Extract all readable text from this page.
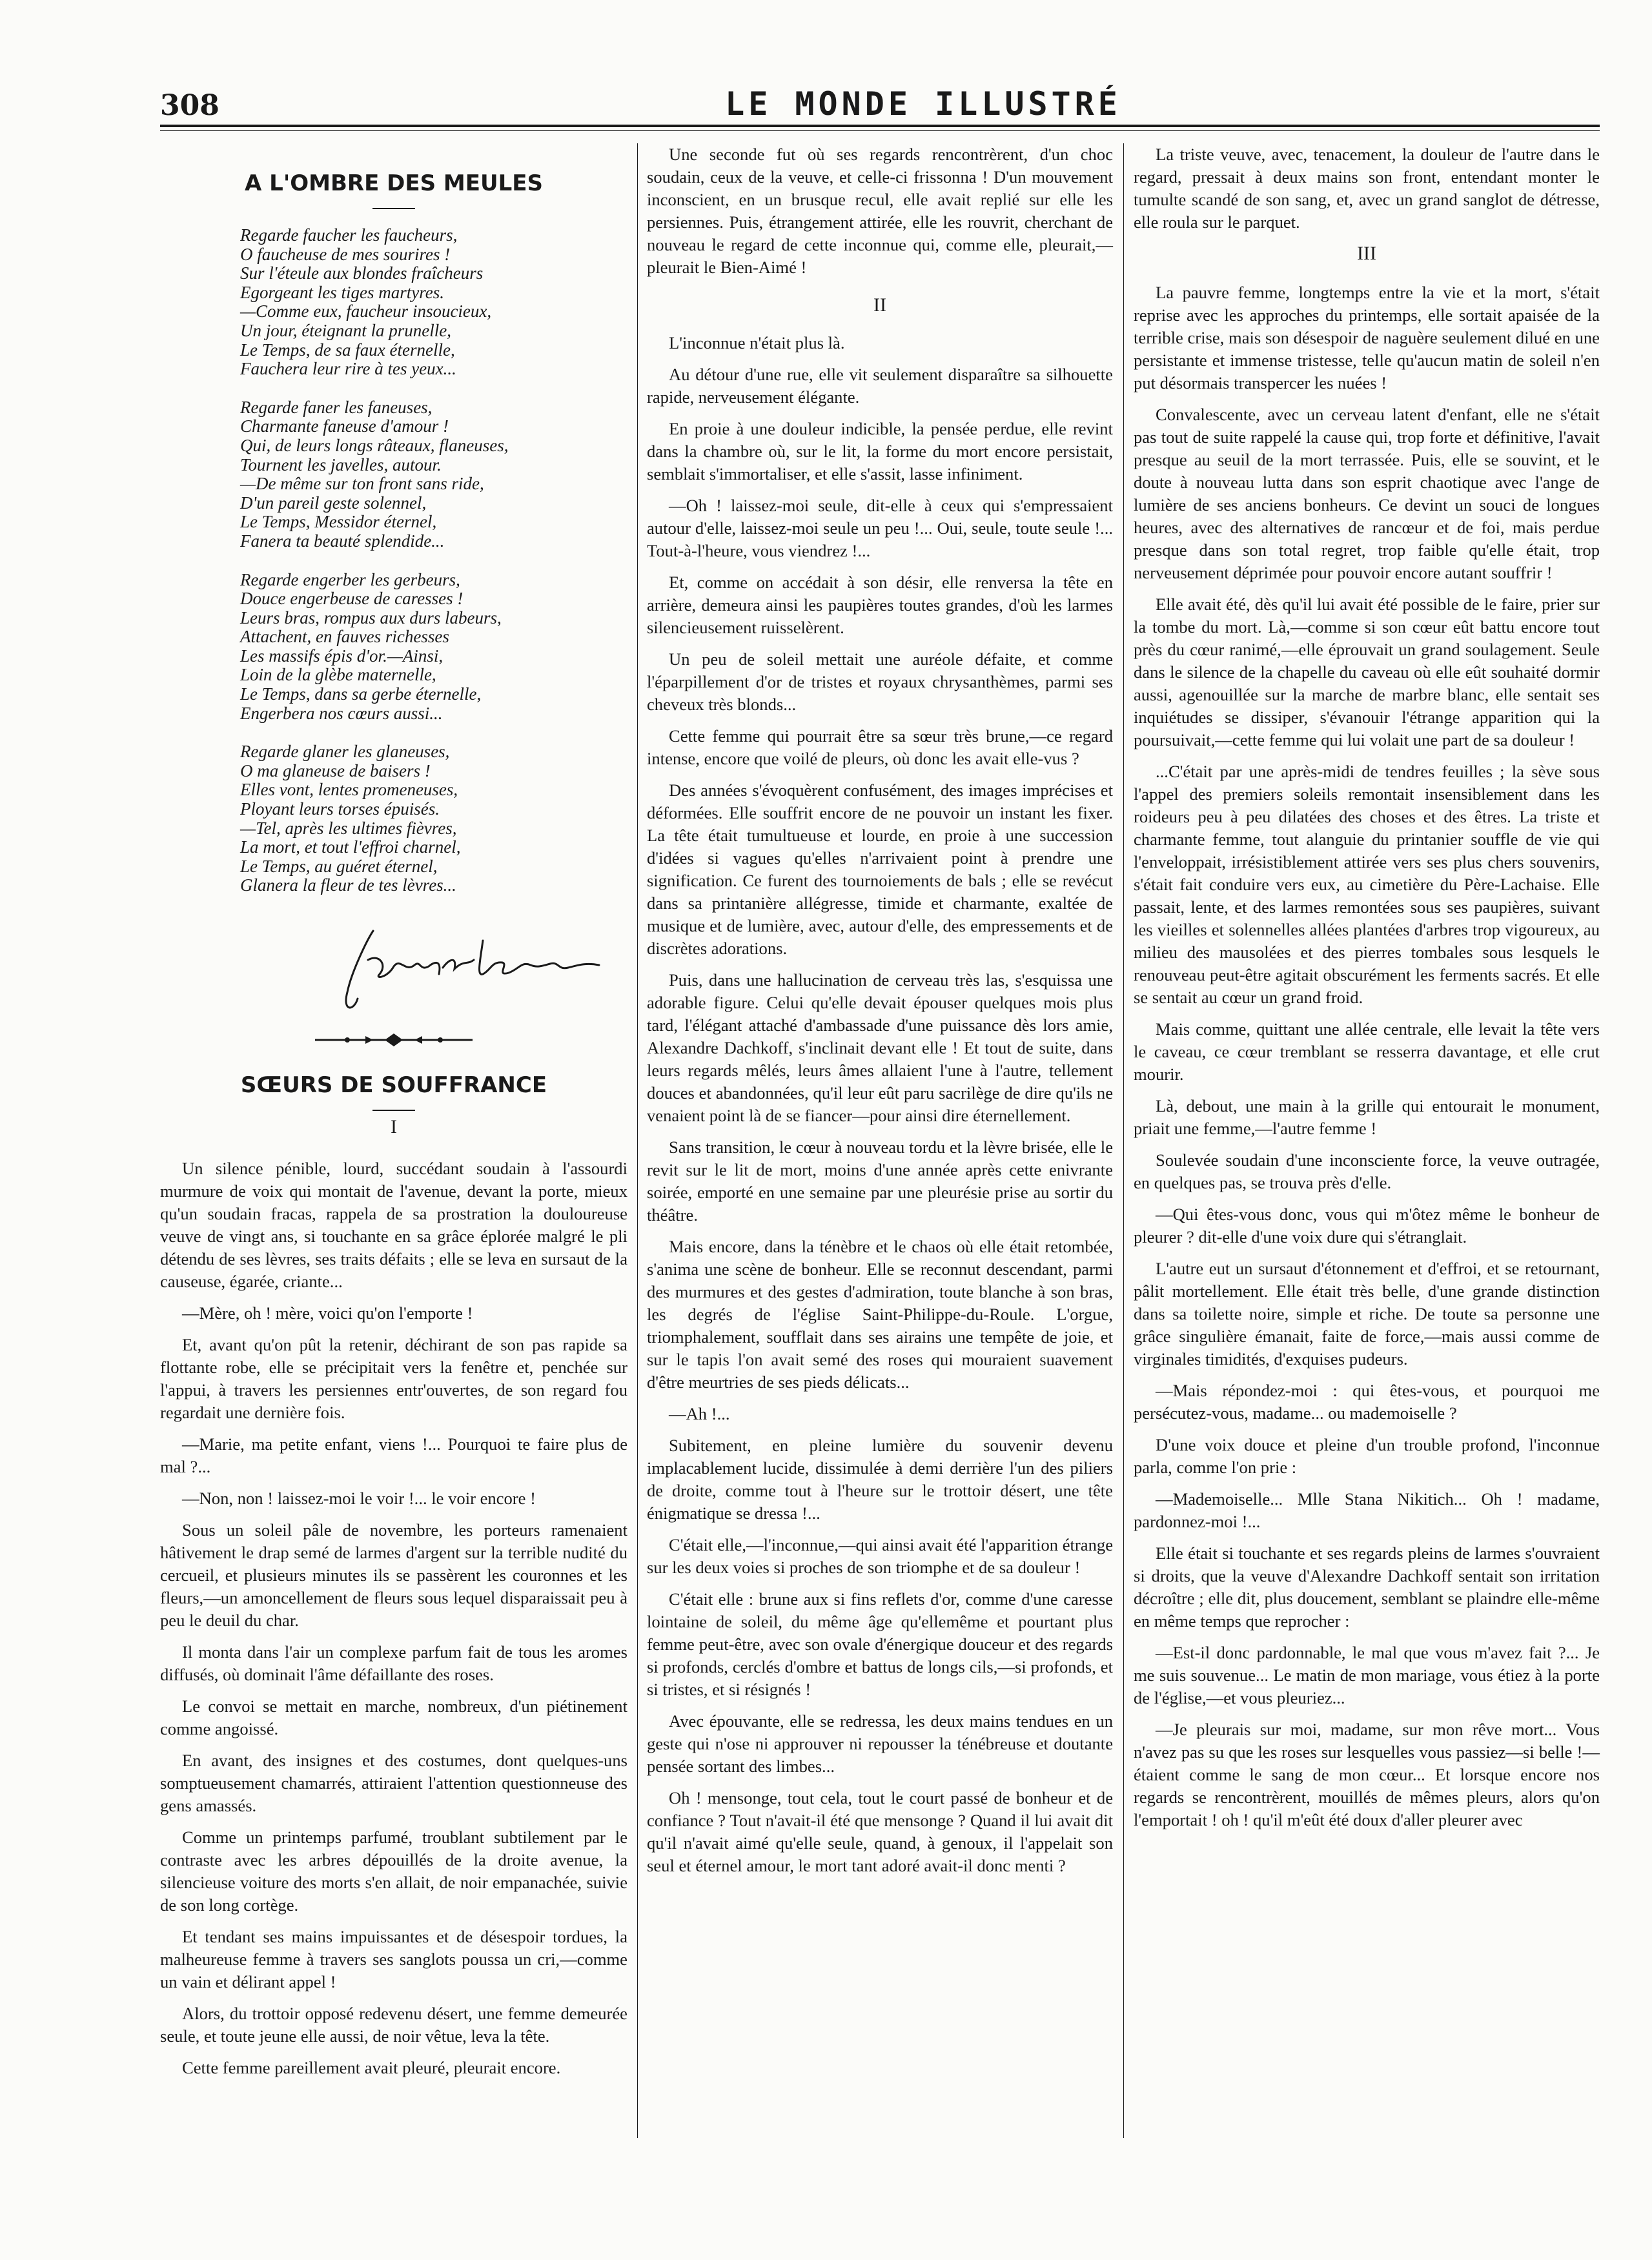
308	LE MONDE ILLUSTRÉ
A L'OMBRE DES MEULES
Regarde faucher les faucheurs,
O faucheuse de mes sourires !
Sur l'éteule aux blondes fraîcheurs
Egorgeant les tiges martyres.
—Comme eux, faucheur insoucieux,
Un jour, éteignant la prunelle,
Le Temps, de sa faux éternelle,
Fauchera leur rire à tes yeux...
Regarde faner les faneuses,
Charmante faneuse d'amour !
Qui, de leurs longs râteaux, flaneuses,
Tournent les javelles, autour.
—De même sur ton front sans ride,
D'un pareil geste solennel,
Le Temps, Messidor éternel,
Fanera ta beauté splendide...
Regarde engerber les gerbeurs,
Douce engerbeuse de caresses !
Leurs bras, rompus aux durs labeurs,
Attachent, en fauves richesses
Les massifs épis d'or.—Ainsi,
Loin de la glèbe maternelle,
Le Temps, dans sa gerbe éternelle,
Engerbera nos cœurs aussi...
Regarde glaner les glaneuses,
O ma glaneuse de baisers !
Elles vont, lentes promeneuses,
Ployant leurs torses épuisés.
—Tel, après les ultimes fièvres,
La mort, et tout l'effroi charnel,
Le Temps, au guéret éternel,
Glanera la fleur de tes lèvres...
SŒURS DE SOUFFRANCE
I

Un silence pénible, lourd, succédant soudain à l'assourdi murmure de voix qui montait de l'avenue, devant la porte, mieux qu'un soudain fracas, rappela de sa prostration la douloureuse veuve de vingt ans, si touchante en sa grâce éplorée malgré le pli détendu de ses lèvres, ses traits défaits ; elle se leva en sursaut de la causeuse, égarée, criante...

—Mère, oh ! mère, voici qu'on l'emporte !

Et, avant qu'on pût la retenir, déchirant de son pas rapide sa flottante robe, elle se précipitait vers la fenêtre et, penchée sur l'appui, à travers les persiennes entr'ouvertes, de son regard fou regardait une dernière fois.

—Marie, ma petite enfant, viens !... Pourquoi te faire plus de mal ?...

—Non, non ! laissez-moi le voir !... le voir encore !

Sous un soleil pâle de novembre, les porteurs ramenaient hâtivement le drap semé de larmes d'argent sur la terrible nudité du cercueil, et plusieurs minutes ils se passèrent les couronnes et les fleurs,—un amoncellement de fleurs sous lequel disparaissait peu à peu le deuil du char.

Il monta dans l'air un complexe parfum fait de tous les aromes diffusés, où dominait l'âme défaillante des roses.

Le convoi se mettait en marche, nombreux, d'un piétinement comme angoissé.

En avant, des insignes et des costumes, dont quelques-uns somptueusement chamarrés, attiraient l'attention questionneuse des gens amassés.

Comme un printemps parfumé, troublant subtilement par le contraste avec les arbres dépouillés de la droite avenue, la silencieuse voiture des morts s'en allait, de noir empanachée, suivie de son long cortège.

Et tendant ses mains impuissantes et de désespoir tordues, la malheureuse femme à travers ses sanglots poussa un cri,—comme un vain et délirant appel !

Alors, du trottoir opposé redevenu désert, une femme demeurée seule, et toute jeune elle aussi, de noir vêtue, leva la tête.

Cette femme pareillement avait pleuré, pleurait encore.

Une seconde fut où ses regards rencontrèrent, d'un choc soudain, ceux de la veuve, et celle-ci frissonna ! D'un mouvement inconscient, en un brusque recul, elle avait replié sur elle les persiennes. Puis, étrangement attirée, elle les rouvrit, cherchant de nouveau le regard de cette inconnue qui, comme elle, pleurait,—pleurait le Bien-Aimé !

II

L'inconnue n'était plus là.

Au détour d'une rue, elle vit seulement disparaître sa silhouette rapide, nerveusement élégante.

En proie à une douleur indicible, la pensée perdue, elle revint dans la chambre où, sur le lit, la forme du mort encore persistait, semblait s'immortaliser, et elle s'assit, lasse infiniment.

—Oh ! laissez-moi seule, dit-elle à ceux qui s'empressaient autour d'elle, laissez-moi seule un peu !... Oui, seule, toute seule !... Tout-à-l'heure, vous viendrez !...

Et, comme on accédait à son désir, elle renversa la tête en arrière, demeura ainsi les paupières toutes grandes, d'où les larmes silencieusement ruisselèrent.

Un peu de soleil mettait une auréole défaite, et comme l'éparpillement d'or de tristes et royaux chrysanthèmes, parmi ses cheveux très blonds...

Cette femme qui pourrait être sa sœur très brune,—ce regard intense, encore que voilé de pleurs, où donc les avait elle-vus ?

Des années s'évoquèrent confusément, des images imprécises et déformées. Elle souffrit encore de ne pouvoir un instant les fixer. La tête était tumultueuse et lourde, en proie à une succession d'idées si vagues qu'elles n'arrivaient point à prendre une signification. Ce furent des tournoiements de bals ; elle se revécut dans sa printanière allégresse, timide et charmante, exaltée de musique et de lumière, avec, autour d'elle, des empressements et de discrètes adorations.

Puis, dans une hallucination de cerveau très las, s'esquissa une adorable figure. Celui qu'elle devait épouser quelques mois plus tard, l'élégant attaché d'ambassade d'une puissance dès lors amie, Alexandre Dachkoff, s'inclinait devant elle ! Et tout de suite, dans leurs regards mêlés, leurs âmes allaient l'une à l'autre, tellement douces et abandonnées, qu'il leur eût paru sacrilège de dire qu'ils ne venaient point là de se fiancer—pour ainsi dire éternellement.

Sans transition, le cœur à nouveau tordu et la lèvre brisée, elle le revit sur le lit de mort, moins d'une année après cette enivrante soirée, emporté en une semaine par une pleurésie prise au sortir du théâtre.

Mais encore, dans la ténèbre et le chaos où elle était retombée, s'anima une scène de bonheur. Elle se reconnut descendant, parmi des murmures et des gestes d'admiration, toute blanche à son bras, les degrés de l'église Saint-Philippe-du-Roule. L'orgue, triomphalement, soufflait dans ses airains une tempête de joie, et sur le tapis l'on avait semé des roses qui mouraient suavement d'être meurtries de ses pieds délicats...

—Ah !...

Subitement, en pleine lumière du souvenir devenu implacablement lucide, dissimulée à demi derrière l'un des piliers de droite, comme tout à l'heure sur le trottoir désert, une tête énigmatique se dressa !...

C'était elle,—l'inconnue,—qui ainsi avait été l'apparition étrange sur les deux voies si proches de son triomphe et de sa douleur !

C'était elle : brune aux si fins reflets d'or, comme d'une caresse lointaine de soleil, du même âge qu'ellemême et pourtant plus femme peut-être, avec son ovale d'énergique douceur et des regards si profonds, cerclés d'ombre et battus de longs cils,—si profonds, et si tristes, et si résignés !

Avec épouvante, elle se redressa, les deux mains tendues en un geste qui n'ose ni approuver ni repousser la ténébreuse et doutante pensée sortant des limbes...

Oh ! mensonge, tout cela, tout le court passé de bonheur et de confiance ? Tout n'avait-il été que mensonge ? Quand il lui avait dit qu'il n'avait aimé qu'elle seule, quand, à genoux, il l'appelait son seul et éternel amour, le mort tant adoré avait-il donc menti ?

La triste veuve, avec, tenacement, la douleur de l'autre dans le regard, pressait à deux mains son front, entendant monter le tumulte scandé de son sang, et, avec un grand sanglot de détresse, elle roula sur le parquet.

III

La pauvre femme, longtemps entre la vie et la mort, s'était reprise avec les approches du printemps, elle sortait apaisée de la terrible crise, mais son désespoir de naguère seulement dilué en une persistante et immense tristesse, telle qu'aucun matin de soleil n'en put désormais transpercer les nuées !

Convalescente, avec un cerveau latent d'enfant, elle ne s'était pas tout de suite rappelé la cause qui, trop forte et définitive, l'avait presque au seuil de la mort terrassée. Puis, elle se souvint, et le doute à nouveau lutta dans son esprit chaotique avec l'ange de lumière de ses anciens bonheurs. Ce devint un souci de longues heures, avec des alternatives de rancœur et de foi, mais perdue presque dans son total regret, trop faible qu'elle était, trop nerveusement déprimée pour pouvoir encore autant souffrir !

Elle avait été, dès qu'il lui avait été possible de le faire, prier sur la tombe du mort. Là,—comme si son cœur eût battu encore tout près du cœur ranimé,—elle éprouvait un grand soulagement. Seule dans le silence de la chapelle du caveau où elle eût souhaité dormir aussi, agenouillée sur la marche de marbre blanc, elle sentait ses inquiétudes se dissiper, s'évanouir l'étrange apparition qui la poursuivait,—cette femme qui lui volait une part de sa douleur !

...C'était par une après-midi de tendres feuilles ; la sève sous l'appel des premiers soleils remontait insensiblement dans les roideurs peu à peu dilatées des choses et des êtres. La triste et charmante femme, tout alanguie du printanier souffle de vie qui l'enveloppait, irrésistiblement attirée vers ses plus chers souvenirs, s'était fait conduire vers eux, au cimetière du Père-Lachaise. Elle passait, lente, et des larmes remontées sous ses paupières, suivant les vieilles et solennelles allées plantées d'arbres trop vigoureux, au milieu des mausolées et des pierres tombales sous lesquels le renouveau peut-être agitait obscurément les ferments sacrés. Et elle se sentait au cœur un grand froid.

Mais comme, quittant une allée centrale, elle levait la tête vers le caveau, ce cœur tremblant se resserra davantage, et elle crut mourir.

Là, debout, une main à la grille qui entourait le monument, priait une femme,—l'autre femme !

Soulevée soudain d'une inconsciente force, la veuve outragée, en quelques pas, se trouva près d'elle.

—Qui êtes-vous donc, vous qui m'ôtez même le bonheur de pleurer ? dit-elle d'une voix dure qui s'étranglait.

L'autre eut un sursaut d'étonnement et d'effroi, et se retournant, pâlit mortellement. Elle était très belle, d'une grande distinction dans sa toilette noire, simple et riche. De toute sa personne une grâce singulière émanait, faite de force,—mais aussi comme de virginales timidités, d'exquises pudeurs.

—Mais répondez-moi : qui êtes-vous, et pourquoi me persécutez-vous, madame... ou mademoiselle ?

D'une voix douce et pleine d'un trouble profond, l'inconnue parla, comme l'on prie :

—Mademoiselle... Mlle Stana Nikitich... Oh ! madame, pardonnez-moi !...

Elle était si touchante et ses regards pleins de larmes s'ouvraient si droits, que la veuve d'Alexandre Dachkoff sentait son irritation décroître ; elle dit, plus doucement, semblant se plaindre elle-même en même temps que reprocher :

—Est-il donc pardonnable, le mal que vous m'avez fait ?... Je me suis souvenue... Le matin de mon mariage, vous étiez à la porte de l'église,—et vous pleuriez...

—Je pleurais sur moi, madame, sur mon rêve mort... Vous n'avez pas su que les roses sur lesquelles vous passiez—si belle !—étaient comme le sang de mon cœur... Et lorsque encore nos regards se rencontrèrent, mouillés de mêmes pleurs, alors qu'on l'emportait ! oh ! qu'il m'eût été doux d'aller pleurer avec
